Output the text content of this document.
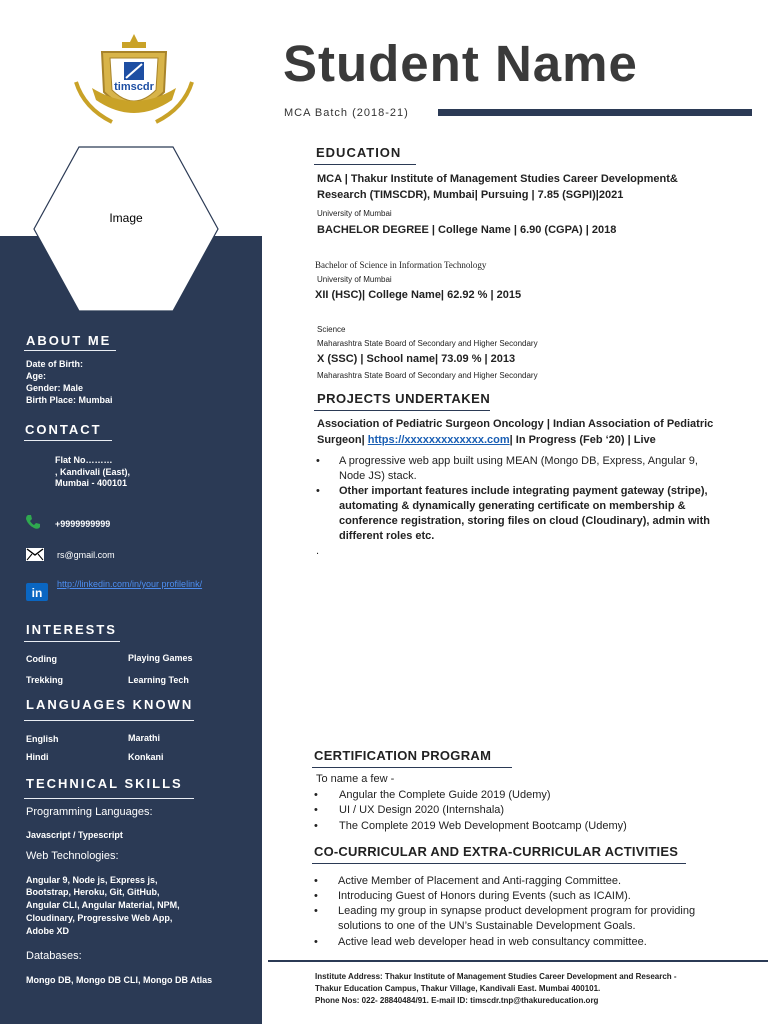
timscdr
Image
Student Name
MCA Batch (2018-21)
ABOUT ME
Date of Birth:
Age:
Gender: Male
Birth Place: Mumbai
CONTACT
Flat No………
, Kandivali (East),
Mumbai - 400101
+9999999999
rs@gmail.com
in
http://linkedin.com/in/your profilelink/
INTERESTS
Coding	Playing Games
Trekking	Learning Tech
LANGUAGES KNOWN
English	Marathi
Hindi	Konkani
TECHNICAL SKILLS
Programming Languages:
Javascript / Typescript
Web Technologies:
Angular 9, Node js, Express js,
Bootstrap, Heroku, Git, GitHub,
Angular CLI, Angular Material, NPM,
Cloudinary, Progressive Web App,
Adobe XD
Databases:
Mongo DB, Mongo DB CLI, Mongo DB Atlas
EDUCATION
MCA | Thakur Institute of Management Studies Career Development&
Research (TIMSCDR), Mumbai| Pursuing | 7.85 (SGPI)|2021
University of Mumbai
BACHELOR DEGREE | College Name | 6.90 (CGPA) | 2018
Bachelor of Science in Information Technology
University of Mumbai
XII (HSC)| College Name| 62.92 % | 2015
Science
Maharashtra State Board of Secondary and Higher Secondary
X (SSC) | School name| 73.09 % | 2013
Maharashtra State Board of Secondary and Higher Secondary
PROJECTS UNDERTAKEN
Association of Pediatric Surgeon Oncology | Indian Association of Pediatric
Surgeon| https://xxxxxxxxxxxxx.com| In Progress (Feb ‘20) | Live
• A progressive web app built using MEAN (Mongo DB, Express, Angular 9,
Node JS) stack.
• Other important features include integrating payment gateway (stripe),
automating & dynamically generating certificate on membership &
conference registration, storing files on cloud (Cloudinary), admin with
different roles etc.
.
CERTIFICATION PROGRAM
To name a few -
• Angular the Complete Guide 2019 (Udemy)
• UI / UX Design 2020 (Internshala)
• The Complete 2019 Web Development Bootcamp (Udemy)
CO-CURRICULAR AND EXTRA-CURRICULAR ACTIVITIES
• Active Member of Placement and Anti-ragging Committee.
• Introducing Guest of Honors during Events (such as ICAIM).
• Leading my group in synapse product development program for providing
solutions to one of the UN’s Sustainable Development Goals.
• Active lead web developer head in web consultancy committee.
Institute Address: Thakur Institute of Management Studies Career Development and Research -
Thakur Education Campus, Thakur Village, Kandivali East. Mumbai 400101.
Phone Nos: 022- 28840484/91. E-mail ID: timscdr.tnp@thakureducation.org
